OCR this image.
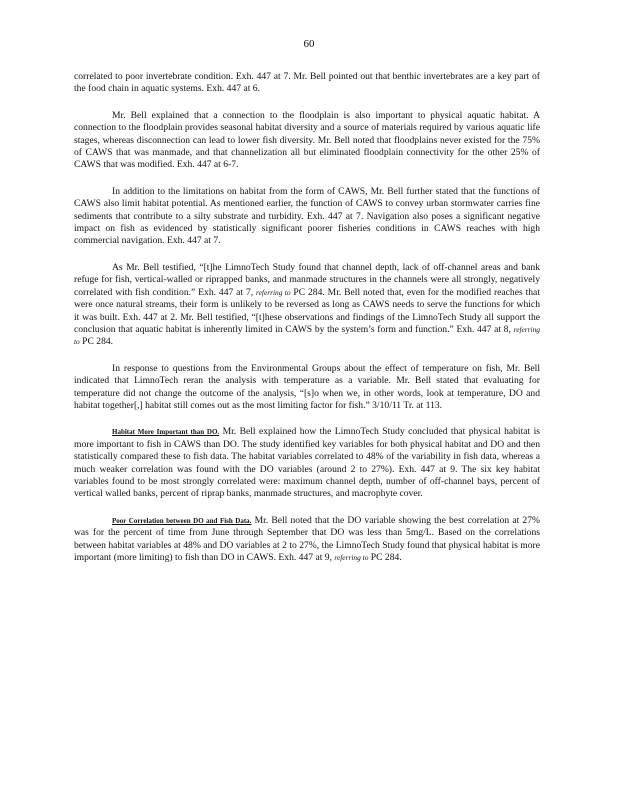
60

correlated to poor invertebrate condition. Exh. 447 at 7. Mr. Bell pointed out that benthic invertebrates are a key part of the food chain in aquatic systems. Exh. 447 at 6.

Mr. Bell explained that a connection to the floodplain is also important to physical aquatic habitat. A connection to the floodplain provides seasonal habitat diversity and a source of materials required by various aquatic life stages, whereas disconnection can lead to lower fish diversity. Mr. Bell noted that floodplains never existed for the 75% of CAWS that was manmade, and that channelization all but eliminated floodplain connectivity for the other 25% of CAWS that was modified. Exh. 447 at 6-7.

In addition to the limitations on habitat from the form of CAWS, Mr. Bell further stated that the functions of CAWS also limit habitat potential. As mentioned earlier, the function of CAWS to convey urban stormwater carries fine sediments that contribute to a silty substrate and turbidity. Exh. 447 at 7. Navigation also poses a significant negative impact on fish as evidenced by statistically significant poorer fisheries conditions in CAWS reaches with high commercial navigation. Exh. 447 at 7.

As Mr. Bell testified, “[t]he LimnoTech Study found that channel depth, lack of off-channel areas and bank refuge for fish, vertical-walled or riprapped banks, and manmade structures in the channels were all strongly, negatively correlated with fish condition.” Exh. 447 at 7, referring to PC 284. Mr. Bell noted that, even for the modified reaches that were once natural streams, their form is unlikely to be reversed as long as CAWS needs to serve the functions for which it was built. Exh. 447 at 2. Mr. Bell testified, “[t]hese observations and findings of the LimnoTech Study all support the conclusion that aquatic habitat is inherently limited in CAWS by the system’s form and function.” Exh. 447 at 8, referring to PC 284.

In response to questions from the Environmental Groups about the effect of temperature on fish, Mr. Bell indicated that LimnoTech reran the analysis with temperature as a variable. Mr. Bell stated that evaluating for temperature did not change the outcome of the analysis, “[s]o when we, in other words, look at temperature, DO and habitat together[,] habitat still comes out as the most limiting factor for fish.” 3/10/11 Tr. at 113.

Habitat More Important than DO. Mr. Bell explained how the LimnoTech Study concluded that physical habitat is more important to fish in CAWS than DO. The study identified key variables for both physical habitat and DO and then statistically compared these to fish data. The habitat variables correlated to 48% of the variability in fish data, whereas a much weaker correlation was found with the DO variables (around 2 to 27%). Exh. 447 at 9. The six key habitat variables found to be most strongly correlated were: maximum channel depth, number of off-channel bays, percent of vertical walled banks, percent of riprap banks, manmade structures, and macrophyte cover.

Poor Correlation between DO and Fish Data. Mr. Bell noted that the DO variable showing the best correlation at 27% was for the percent of time from June through September that DO was less than 5mg/L. Based on the correlations between habitat variables at 48% and DO variables at 2 to 27%, the LimnoTech Study found that physical habitat is more important (more limiting) to fish than DO in CAWS. Exh. 447 at 9, referring to PC 284.
